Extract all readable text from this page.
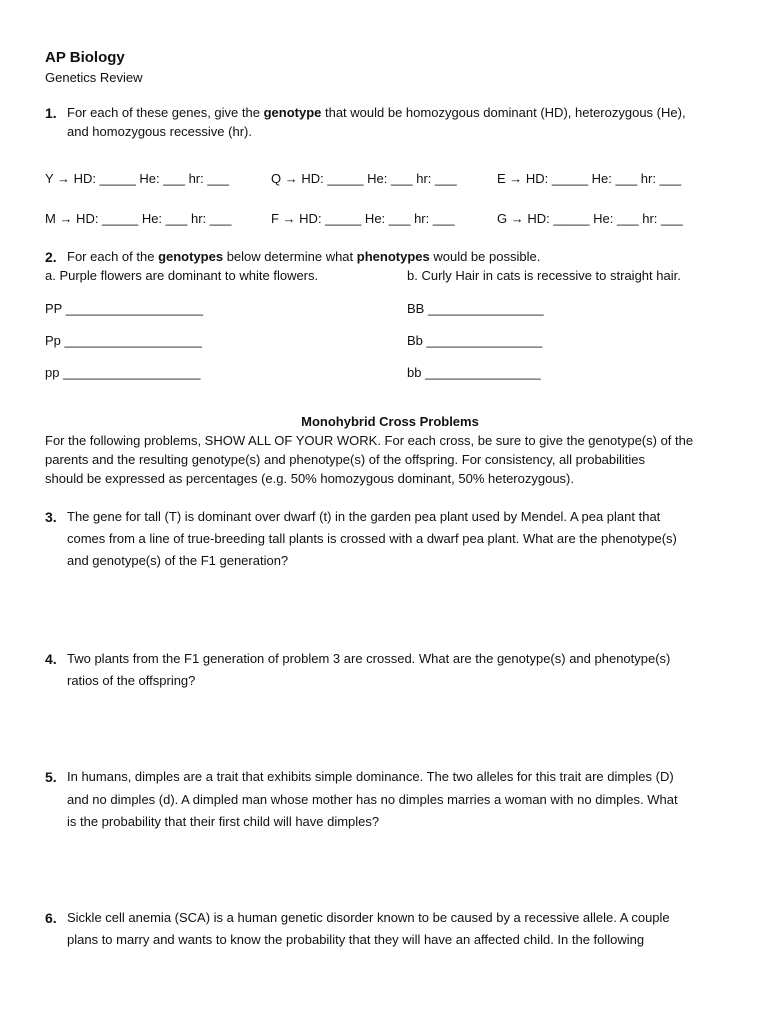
AP Biology
Genetics Review
1. For each of these genes, give the genotype that would be homozygous dominant (HD), heterozygous (He),
and homozygous recessive (hr).
Y → HD: _____ He: ___ hr: ___	Q → HD: _____ He: ___ hr: ___	E → HD: _____ He: ___ hr: ___
M → HD: _____ He: ___ hr: ___	F → HD: _____ He: ___ hr: ___	G → HD: _____ He: ___ hr: ___
2. For each of the genotypes below determine what phenotypes would be possible.
a. Purple flowers are dominant to white flowers.	b. Curly Hair in cats is recessive to straight hair.
PP ___________________
Pp ___________________
pp ___________________
BB ________________
Bb ________________
bb ________________
Monohybrid Cross Problems
For the following problems, SHOW ALL OF YOUR WORK. For each cross, be sure to give the genotype(s) of the
parents and the resulting genotype(s) and phenotype(s) of the offspring. For consistency, all probabilities
should be expressed as percentages (e.g. 50% homozygous dominant, 50% heterozygous).
3. The gene for tall (T) is dominant over dwarf (t) in the garden pea plant used by Mendel. A pea plant that
comes from a line of true-breeding tall plants is crossed with a dwarf pea plant. What are the phenotype(s)
and genotype(s) of the F1 generation?
4. Two plants from the F1 generation of problem 3 are crossed. What are the genotype(s) and phenotype(s)
ratios of the offspring?
5. In humans, dimples are a trait that exhibits simple dominance. The two alleles for this trait are dimples (D)
and no dimples (d). A dimpled man whose mother has no dimples marries a woman with no dimples. What
is the probability that their first child will have dimples?
6. Sickle cell anemia (SCA) is a human genetic disorder known to be caused by a recessive allele. A couple
plans to marry and wants to know the probability that they will have an affected child. In the following
